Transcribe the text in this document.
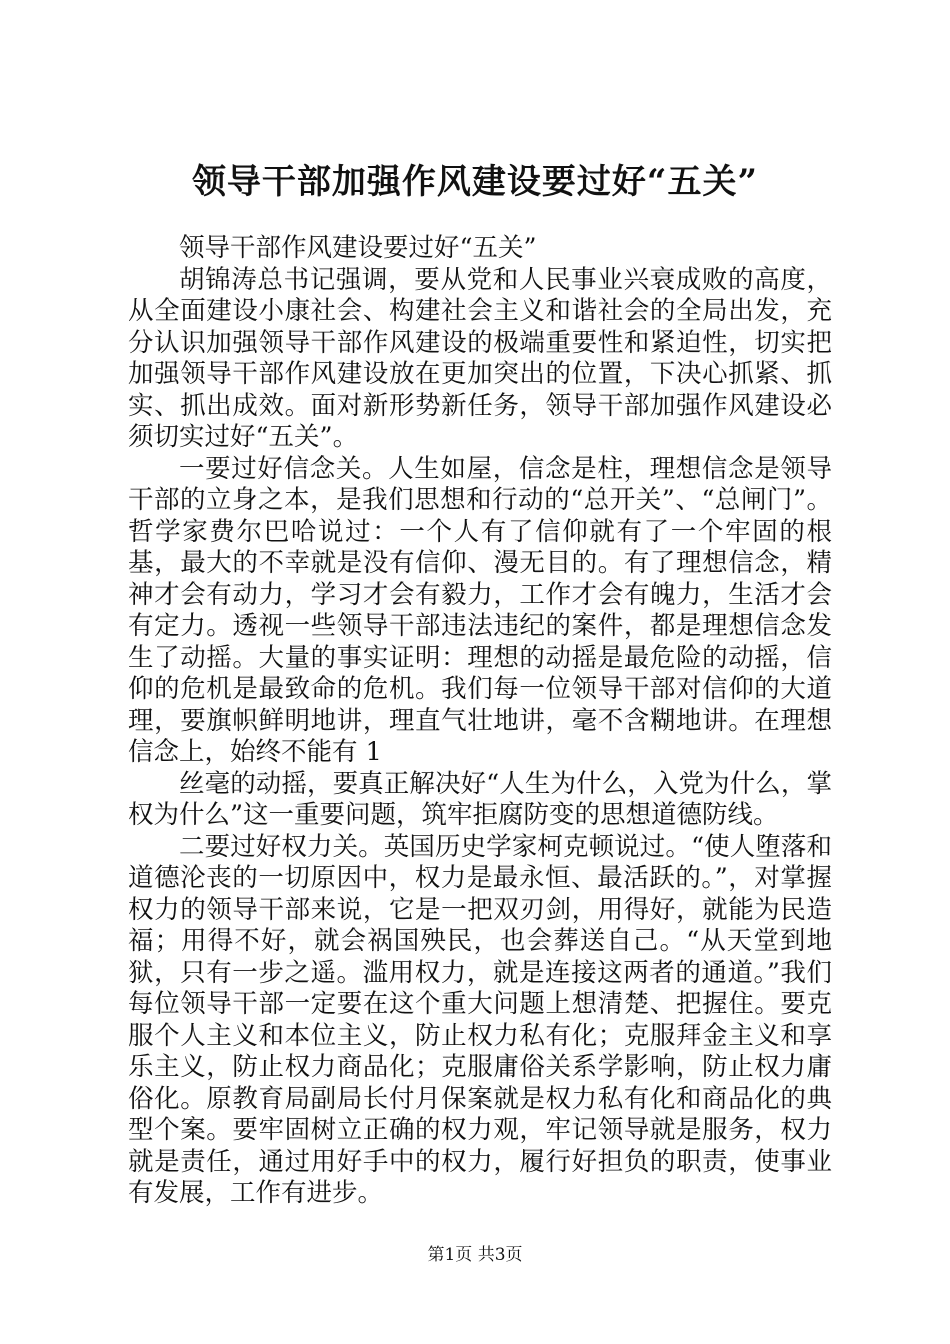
领导干部加强作风建设要过好“五关”

领导干部作风建设要过好“五关”

胡锦涛总书记强调，要从党和人民事业兴衰成败的高度，从全面建设小康社会、构建社会主义和谐社会的全局出发，充分认识加强领导干部作风建设的极端重要性和紧迫性，切实把加强领导干部作风建设放在更加突出的位置，下决心抓紧、抓实、抓出成效。面对新形势新任务，领导干部加强作风建设必须切实过好“五关”。

一要过好信念关。人生如屋，信念是柱，理想信念是领导干部的立身之本，是我们思想和行动的“总开关”、“总闸门”。哲学家费尔巴哈说过：一个人有了信仰就有了一个牢固的根基，最大的不幸就是没有信仰、漫无目的。有了理想信念，精神才会有动力，学习才会有毅力，工作才会有魄力，生活才会有定力。透视一些领导干部违法违纪的案件，都是理想信念发生了动摇。大量的事实证明：理想的动摇是最危险的动摇，信仰的危机是最致命的危机。我们每一位领导干部对信仰的大道理，要旗帜鲜明地讲，理直气壮地讲，毫不含糊地讲。在理想信念上，始终不能有 1

丝毫的动摇，要真正解决好“人生为什么，入党为什么，掌权为什么”这一重要问题，筑牢拒腐防变的思想道德防线。

二要过好权力关。英国历史学家柯克顿说过。“使人堕落和道德沦丧的一切原因中，权力是最永恒、最活跃的。”，对掌握权力的领导干部来说，它是一把双刃剑，用得好，就能为民造福；用得不好，就会祸国殃民，也会葬送自己。“从天堂到地狱，只有一步之遥。滥用权力，就是连接这两者的通道。”我们每位领导干部一定要在这个重大问题上想清楚、把握住。要克服个人主义和本位主义，防止权力私有化；克服拜金主义和享乐主义，防止权力商品化；克服庸俗关系学影响，防止权力庸俗化。原教育局副局长付月保案就是权力私有化和商品化的典型个案。要牢固树立正确的权力观，牢记领导就是服务，权力就是责任，通过用好手中的权力，履行好担负的职责，使事业有发展，工作有进步。

第1页 共3页
